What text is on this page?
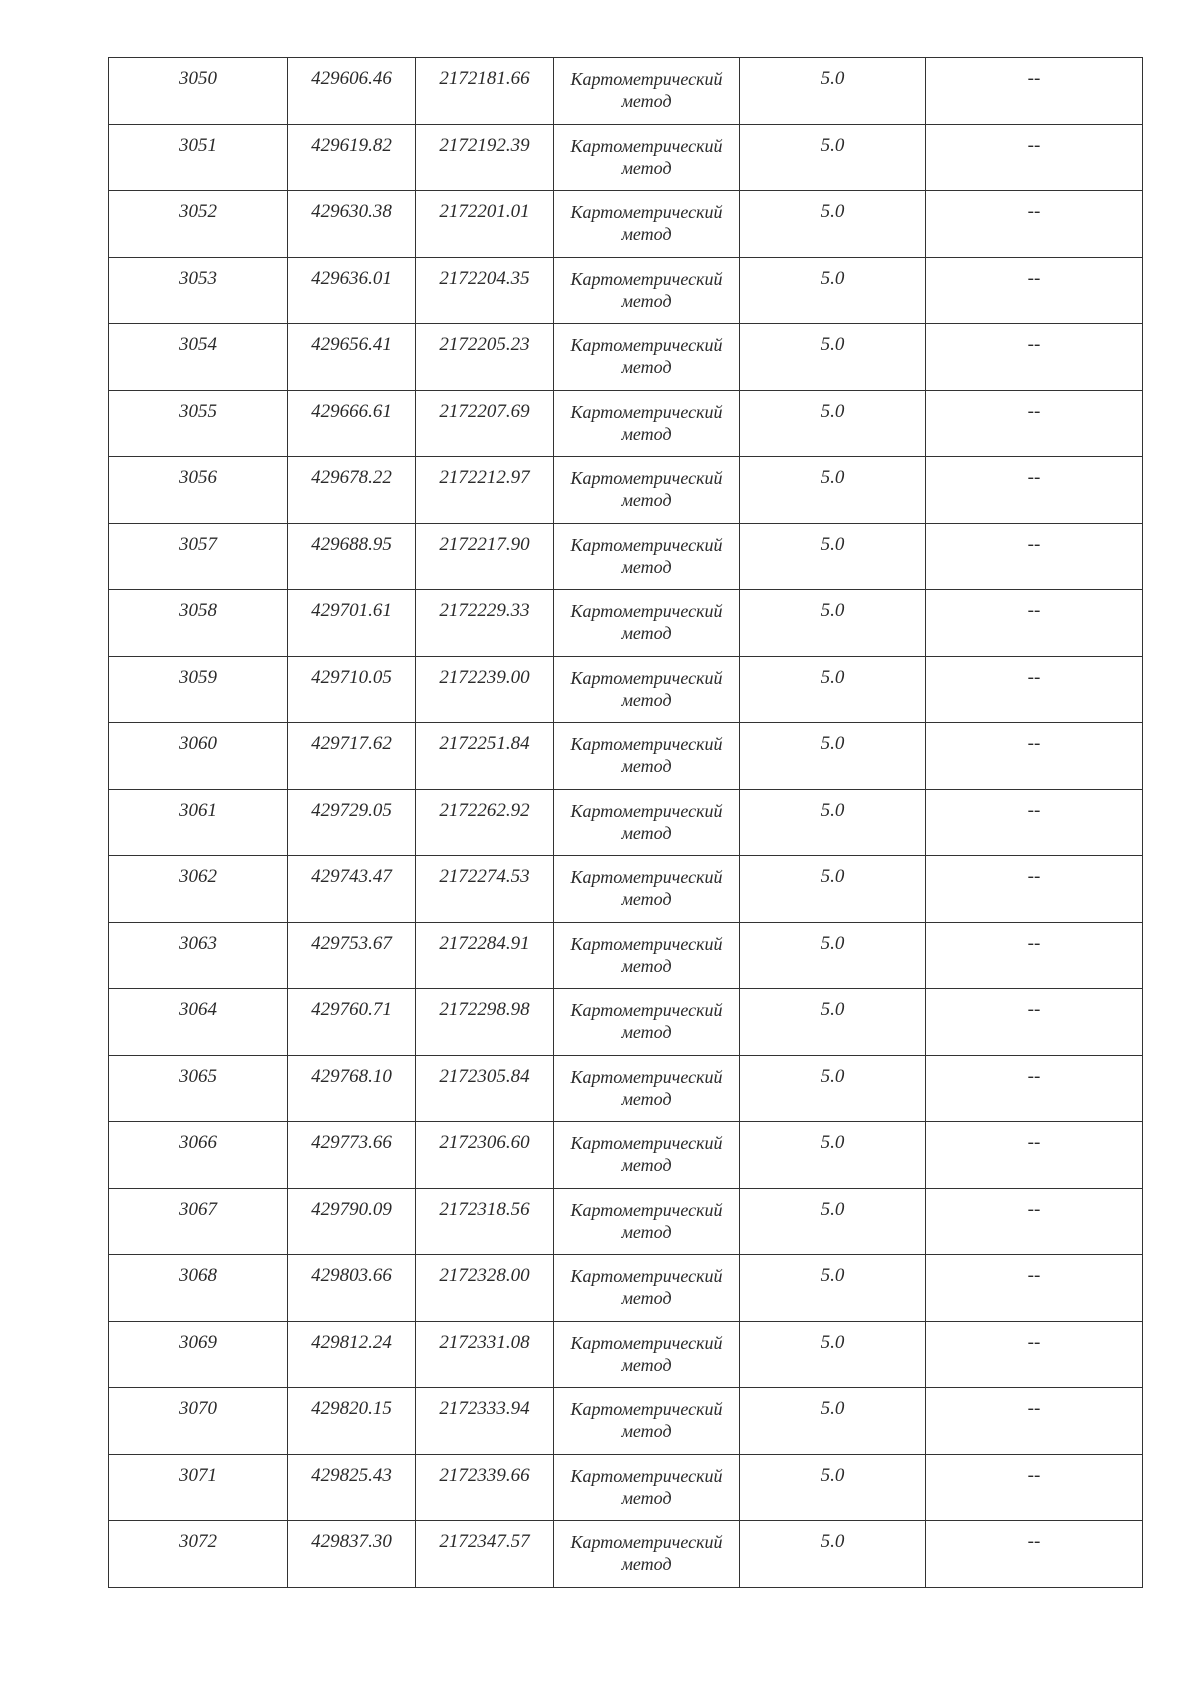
3050	429606.46	2172181.66	Картометрический
метод	5.0	--

3051	429619.82	2172192.39	Картометрический
метод	5.0	--

3052	429630.38	2172201.01	Картометрический
метод	5.0	--

3053	429636.01	2172204.35	Картометрический
метод	5.0	--

3054	429656.41	2172205.23	Картометрический
метод	5.0	--

3055	429666.61	2172207.69	Картометрический
метод	5.0	--

3056	429678.22	2172212.97	Картометрический
метод	5.0	--

3057	429688.95	2172217.90	Картометрический
метод	5.0	--

3058	429701.61	2172229.33	Картометрический
метод	5.0	--

3059	429710.05	2172239.00	Картометрический
метод	5.0	--

3060	429717.62	2172251.84	Картометрический
метод	5.0	--

3061	429729.05	2172262.92	Картометрический
метод	5.0	--

3062	429743.47	2172274.53	Картометрический
метод	5.0	--

3063	429753.67	2172284.91	Картометрический
метод	5.0	--

3064	429760.71	2172298.98	Картометрический
метод	5.0	--

3065	429768.10	2172305.84	Картометрический
метод	5.0	--

3066	429773.66	2172306.60	Картометрический
метод	5.0	--

3067	429790.09	2172318.56	Картометрический
метод	5.0	--

3068	429803.66	2172328.00	Картометрический
метод	5.0	--

3069	429812.24	2172331.08	Картометрический
метод	5.0	--

3070	429820.15	2172333.94	Картометрический
метод	5.0	--

3071	429825.43	2172339.66	Картометрический
метод	5.0	--

3072	429837.30	2172347.57	Картометрический
метод	5.0	--
